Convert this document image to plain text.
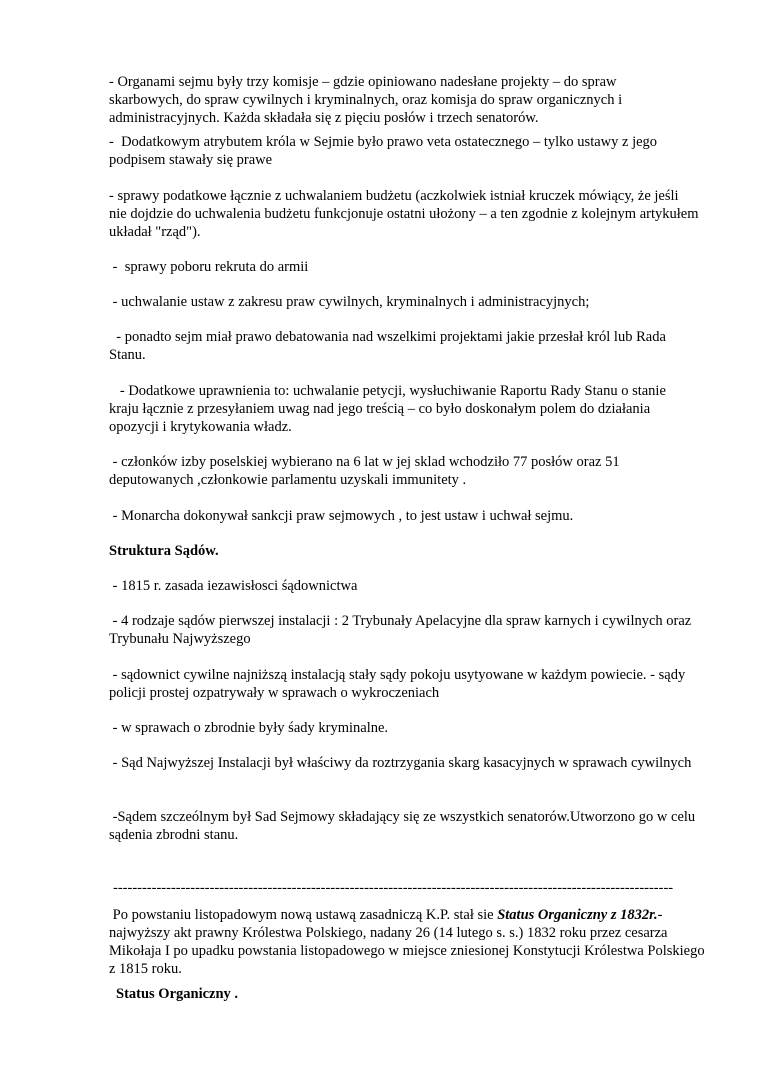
- Organami sejmu były trzy komisje – gdzie opiniowano nadesłane projekty – do spraw skarbowych, do spraw cywilnych i kryminalnych, oraz komisja do spraw organicznych i administracyjnych. Każda składała się z pięciu posłów i trzech senatorów.

-  Dodatkowym atrybutem króla w Sejmie było prawo veta ostatecznego – tylko ustawy z jego podpisem stawały się prawe

- sprawy podatkowe łącznie z uchwalaniem budżetu (aczkolwiek istniał kruczek mówiący, że jeśli nie dojdzie do uchwalenia budżetu funkcjonuje ostatni ułożony – a ten zgodnie z kolejnym artykułem układał "rząd").

-  sprawy poboru rekruta do armii

- uchwalanie ustaw z zakresu praw cywilnych, kryminalnych i administracyjnych;

- ponadto sejm miał prawo debatowania nad wszelkimi projektami jakie przesłał król lub Rada Stanu.

- Dodatkowe uprawnienia to: uchwalanie petycji, wysłuchiwanie Raportu Rady Stanu o stanie kraju łącznie z przesyłaniem uwag nad jego treścią – co było doskonałym polem do działania opozycji i krytykowania władz.

- członków izby poselskiej wybierano na 6 lat w jej sklad wchodziło 77 posłów oraz 51 deputowanych ,członkowie parlamentu uzyskali immunitety .

- Monarcha dokonywał sankcji praw sejmowych , to jest ustaw i uchwał sejmu.

Struktura Sądów.

- 1815 r. zasada iezawisłosci śądownictwa

- 4 rodzaje sądów pierwszej instalacji : 2 Trybunały Apelacyjne dla spraw karnych i cywilnych oraz  Trybunału Najwyższego

- sądownict cywilne najniższą instalacją stały sądy pokoju usytyowane w każdym powiecie. - sądy policji prostej ozpatrywały w sprawach o wykroczeniach

- w sprawach o zbrodnie były śady kryminalne.

- Sąd Najwyższej Instalacji był właściwy da roztrzygania skarg kasacyjnych w sprawach cywilnych

-Sądem szczeólnym był Sad Sejmowy składający się ze wszystkich senatorów.Utworzono go w celu sądenia zbrodni stanu.

--------------------------------------------------------------------------------------------------------------------

Po powstaniu listopadowym nową ustawą zasadniczą K.P. stał sie Status Organiczny z 1832r.- najwyższy akt prawny Królestwa Polskiego, nadany 26 (14 lutego s. s.) 1832 roku przez cesarza Mikołaja I po upadku powstania listopadowego w miejsce zniesionej Konstytucji Królestwa Polskiego z 1815 roku.

Status Organiczny .
